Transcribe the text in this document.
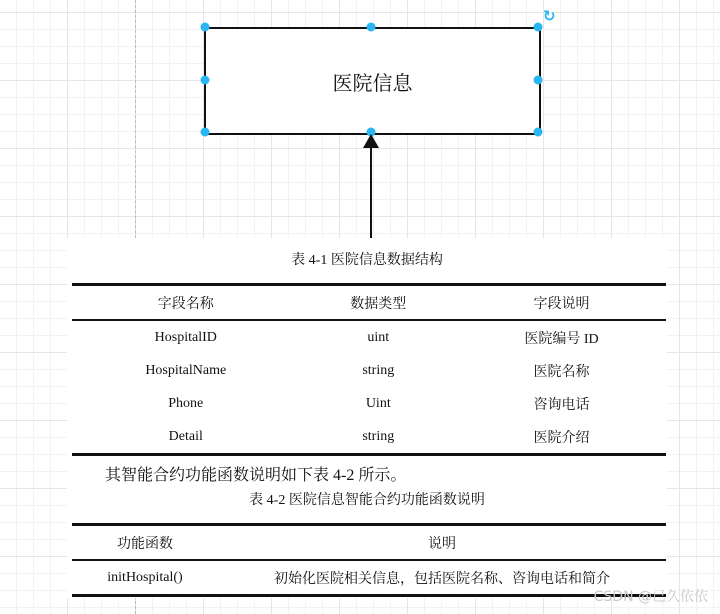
医院信息
↻
表 4-1 医院信息数据结构
字段名称	数据类型	字段说明
HospitalID	uint	医院编号 ID
HospitalName	string	医院名称
Phone	Uint	咨询电话
Detail	string	医院介绍
其智能合约功能函数说明如下表 4-2 所示。
表 4-2 医院信息智能合约功能函数说明
功能函数	说明
initHospital()	初始化医院相关信息，包括医院名称、咨询电话和简介
CSDN @已久依依
